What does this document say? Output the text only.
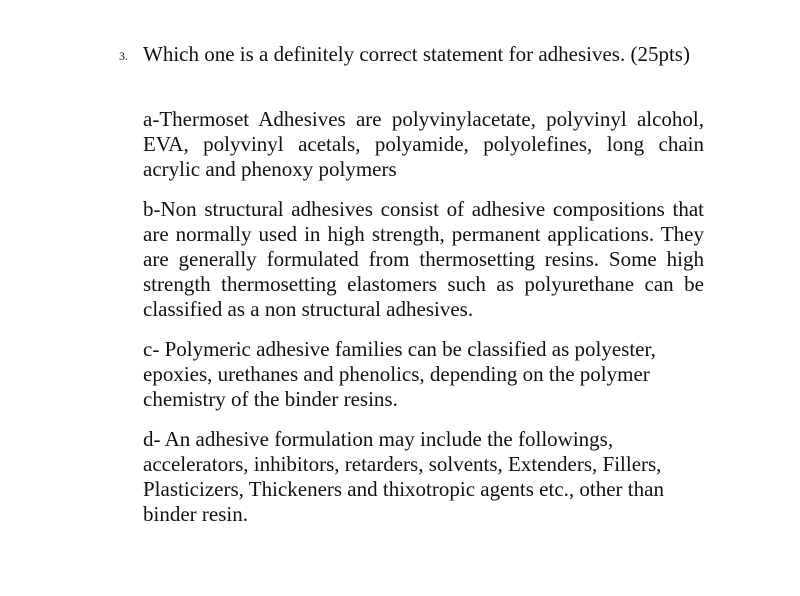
3. Which one is a definitely correct statement for adhesives. (25pts)

a-Thermoset Adhesives are polyvinylacetate, polyvinyl alcohol, EVA, polyvinyl acetals, polyamide, polyolefines, long chain acrylic and phenoxy polymers

b-Non structural adhesives consist of adhesive compositions that are normally used in high strength, permanent applications. They are generally formulated from thermosetting resins. Some high strength thermosetting elastomers such as polyurethane can be classified as a non structural adhesives.

c- Polymeric adhesive families can be classified as polyester, epoxies, urethanes and phenolics, depending on the polymer chemistry of the binder resins.

d- An adhesive formulation may include the followings, accelerators, inhibitors, retarders, solvents, Extenders, Fillers, Plasticizers, Thickeners and thixotropic agents etc., other than binder resin.
